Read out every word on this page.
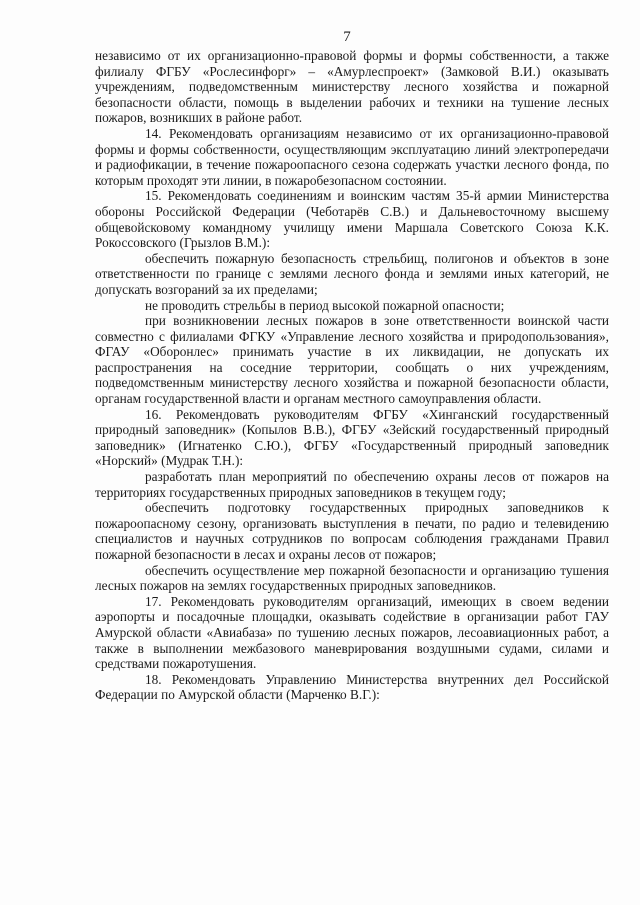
7

независимо от их организационно-правовой формы и формы собственности, а также филиалу ФГБУ «Рослесинфорг» – «Амурлеспроект» (Замковой В.И.) оказывать учреждениям, подведомственным министерству лесного хозяйства и пожарной безопасности области, помощь в выделении рабочих и техники на тушение лесных пожаров, возникших в районе работ.

14. Рекомендовать организациям независимо от их организационно-правовой формы и формы собственности, осуществляющим эксплуатацию линий электропередачи и радиофикации, в течение пожароопасного сезона содержать участки лесного фонда, по которым проходят эти линии, в пожаробезопасном состоянии.

15. Рекомендовать соединениям и воинским частям 35-й армии Министерства обороны Российской Федерации (Чеботарёв С.В.) и Дальневосточному высшему общевойсковому командному училищу имени Маршала Советского Союза К.К. Рокоссовского (Грызлов В.М.):

обеспечить пожарную безопасность стрельбищ, полигонов и объектов в зоне ответственности по границе с землями лесного фонда и землями иных категорий, не допускать возгораний за их пределами;

не проводить стрельбы в период высокой пожарной опасности;

при возникновении лесных пожаров в зоне ответственности воинской части совместно с филиалами ФГКУ «Управление лесного хозяйства и природопользования», ФГАУ «Оборонлес» принимать участие в их ликвидации, не допускать их распространения на соседние территории, сообщать о них учреждениям, подведомственным министерству лесного хозяйства и пожарной безопасности области, органам государственной власти и органам местного самоуправления области.

16. Рекомендовать руководителям ФГБУ «Хинганский государственный природный заповедник» (Копылов В.В.), ФГБУ «Зейский государственный природный заповедник» (Игнатенко С.Ю.), ФГБУ «Государственный природный заповедник «Норский» (Мудрак Т.Н.):

разработать план мероприятий по обеспечению охраны лесов от пожаров на территориях государственных природных заповедников в текущем году;

обеспечить подготовку государственных природных заповедников к пожароопасному сезону, организовать выступления в печати, по радио и телевидению специалистов и научных сотрудников по вопросам соблюдения гражданами Правил пожарной безопасности в лесах и охраны лесов от пожаров;

обеспечить осуществление мер пожарной безопасности и организацию тушения лесных пожаров на землях государственных природных заповедников.

17. Рекомендовать руководителям организаций, имеющих в своем ведении аэропорты и посадочные площадки, оказывать содействие в организации работ ГАУ Амурской области «Авиабаза» по тушению лесных пожаров, лесоавиационных работ, а также в выполнении межбазового маневрирования воздушными судами, силами и средствами пожаротушения.

18. Рекомендовать Управлению Министерства внутренних дел Российской Федерации по Амурской области (Марченко В.Г.):
